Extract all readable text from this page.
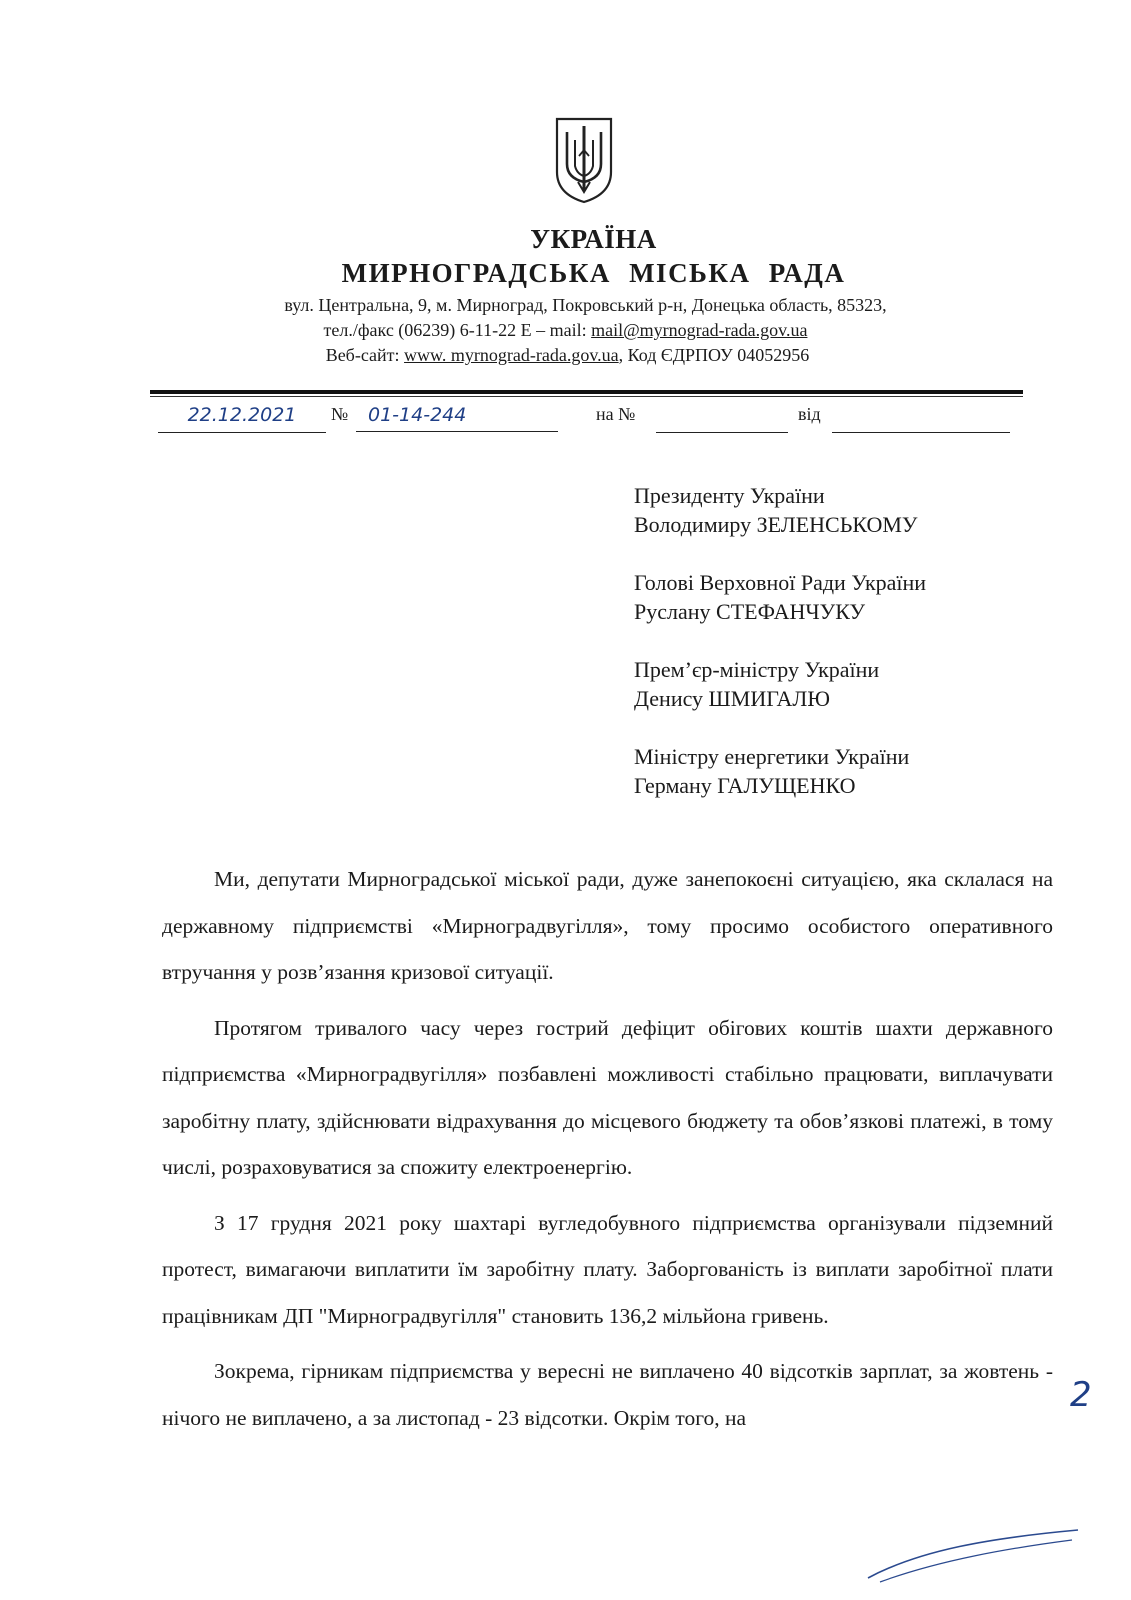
УКРАЇНА
МИРНОГРАДСЬКА МІСЬКА РАДА
вул. Центральна, 9, м. Мирноград, Покровський р-н, Донецька область, 85323,
тел./факс (06239) 6-11-22 Е – mail: mail@myrnograd-rada.gov.ua
Веб-сайт: www. myrnograd-rada.gov.ua, Код ЄДРПОУ 04052956
22.12.2021	№	01-14-244	на №	від
Президенту України
Володимиру ЗЕЛЕНСЬКОМУ
Голові Верховної Ради України
Руслану СТЕФАНЧУКУ
Прем’єр-міністру України
Денису ШМИГАЛЮ
Міністру енергетики України
Герману ГАЛУЩЕНКО

Ми, депутати Мирноградської міської ради, дуже занепокоєні ситуацією, яка склалася на державному підприємстві «Мирноградвугілля», тому просимо особистого оперативного втручання у розв’язання кризової ситуації.

Протягом тривалого часу через гострий дефіцит обігових коштів шахти державного підприємства «Мирноградвугілля» позбавлені можливості стабільно працювати, виплачувати заробітну плату, здійснювати відрахування до місцевого бюджету та обов’язкові платежі, в тому числі, розраховуватися за спожиту електроенергію.

З 17 грудня 2021 року шахтарі вугледобувного підприємства організували підземний протест, вимагаючи виплатити їм заробітну плату. Заборгованість із виплати заробітної плати працівникам ДП "Мирноградвугілля" становить 136,2 мільйона гривень.

Зокрема, гірникам підприємства у вересні не виплачено 40 відсотків зарплат, за жовтень - нічого не виплачено, а за листопад - 23 відсотки. Окрім того, на

2
